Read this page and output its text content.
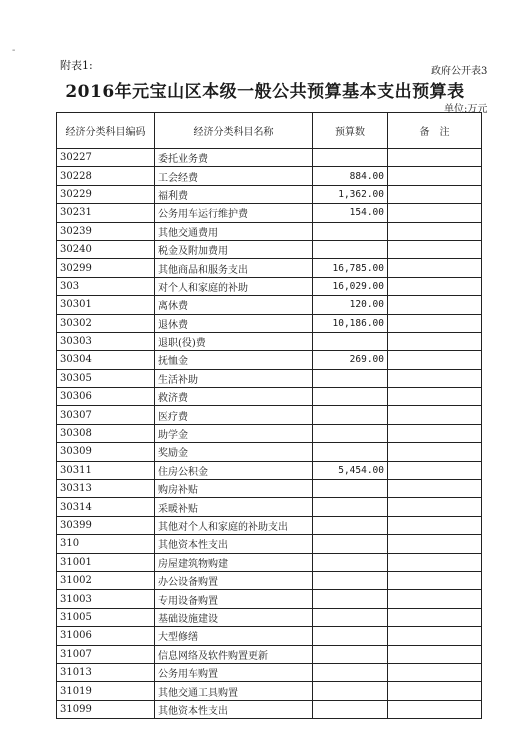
-
附表1:	政府公开表3
2016年元宝山区本级一般公共预算基本支出预算表
单位:万元
经济分类科目编码	经济分类科目名称	预算数	备　注
30227	委托业务费		
30228	工会经费	884.00	
30229	福利费	1,362.00	
30231	公务用车运行维护费	154.00	
30239	其他交通费用		
30240	税金及附加费用		
30299	其他商品和服务支出	16,785.00	
303	对个人和家庭的补助	16,029.00	
30301	离休费	120.00	
30302	退休费	10,186.00	
30303	退职(役)费		
30304	抚恤金	269.00	
30305	生活补助		
30306	救济费		
30307	医疗费		
30308	助学金		
30309	奖励金		
30311	住房公积金	5,454.00	
30313	购房补贴		
30314	采暖补贴		
30399	其他对个人和家庭的补助支出		
310	其他资本性支出		
31001	房屋建筑物购建		
31002	办公设备购置		
31003	专用设备购置		
31005	基础设施建设		
31006	大型修缮		
31007	信息网络及软件购置更新		
31013	公务用车购置		
31019	其他交通工具购置		
31099	其他资本性支出		
